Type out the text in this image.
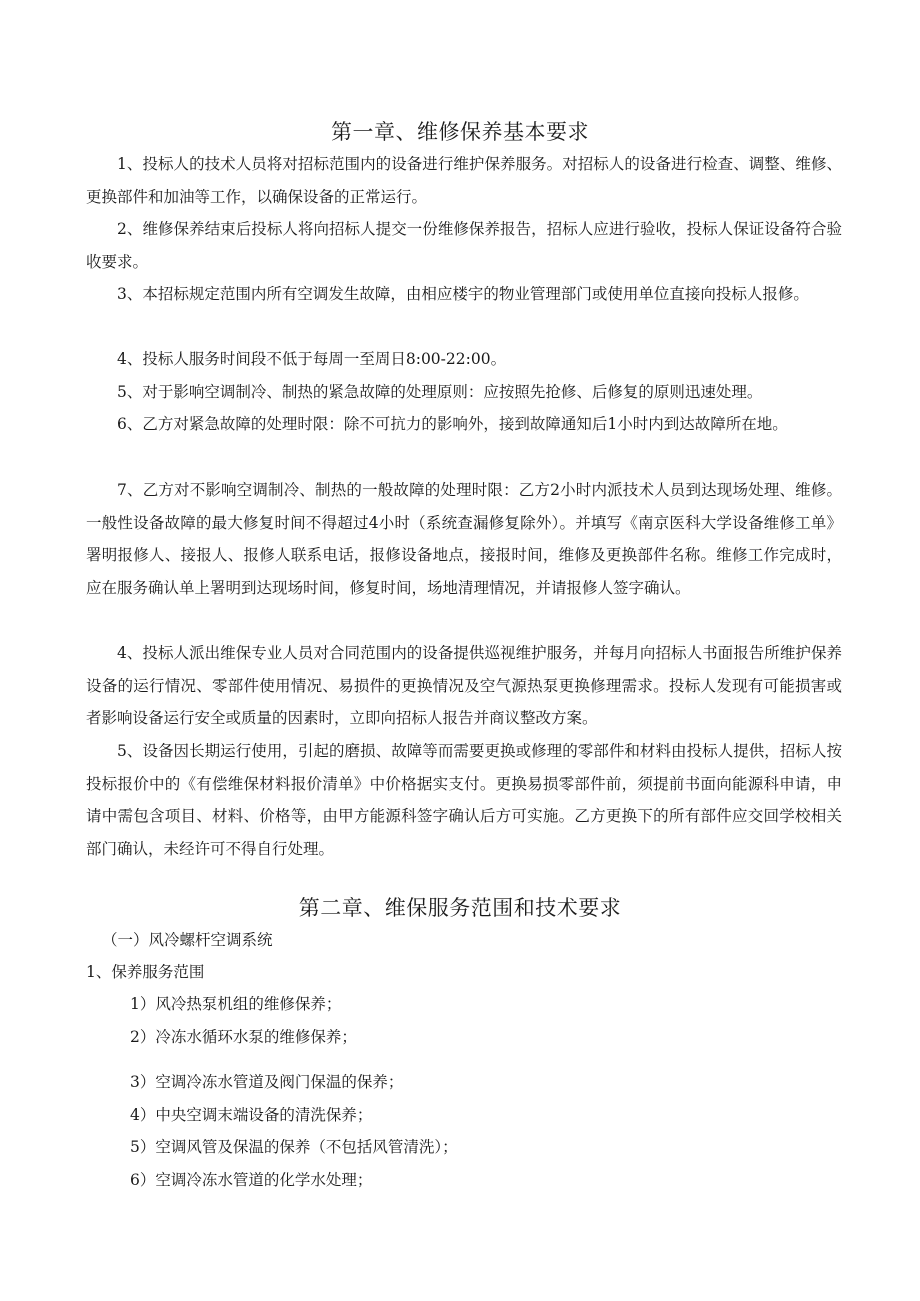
第一章、维修保养基本要求

1、投标人的技术人员将对招标范围内的设备进行维护保养服务。对招标人的设备进行检查、调整、维修、更换部件和加油等工作，以确保设备的正常运行。

2、维修保养结束后投标人将向招标人提交一份维修保养报告，招标人应进行验收，投标人保证设备符合验收要求。

3、本招标规定范围内所有空调发生故障，由相应楼宇的物业管理部门或使用单位直接向投标人报修。

4、投标人服务时间段不低于每周一至周日8:00-22:00。

5、对于影响空调制冷、制热的紧急故障的处理原则：应按照先抢修、后修复的原则迅速处理。

6、乙方对紧急故障的处理时限：除不可抗力的影响外，接到故障通知后1小时内到达故障所在地。

7、乙方对不影响空调制冷、制热的一般故障的处理时限：乙方2小时内派技术人员到达现场处理、维修。一般性设备故障的最大修复时间不得超过4小时（系统查漏修复除外）。并填写《南京医科大学设备维修工单》署明报修人、接报人、报修人联系电话，报修设备地点，接报时间，维修及更换部件名称。维修工作完成时，应在服务确认单上署明到达现场时间，修复时间，场地清理情况，并请报修人签字确认。

4、投标人派出维保专业人员对合同范围内的设备提供巡视维护服务，并每月向招标人书面报告所维护保养设备的运行情况、零部件使用情况、易损件的更换情况及空气源热泵更换修理需求。投标人发现有可能损害或者影响设备运行安全或质量的因素时，立即向招标人报告并商议整改方案。

5、设备因长期运行使用，引起的磨损、故障等而需要更换或修理的零部件和材料由投标人提供，招标人按投标报价中的《有偿维保材料报价清单》中价格据实支付。更换易损零部件前，须提前书面向能源科申请，申请中需包含项目、材料、价格等，由甲方能源科签字确认后方可实施。乙方更换下的所有部件应交回学校相关部门确认，未经许可不得自行处理。

第二章、维保服务范围和技术要求
（一）风冷螺杆空调系统
1、保养服务范围
1）风冷热泵机组的维修保养；
2）冷冻水循环水泵的维修保养；
3）空调冷冻水管道及阀门保温的保养；
4）中央空调末端设备的清洗保养；
5）空调风管及保温的保养（不包括风管清洗）；
6）空调冷冻水管道的化学水处理；
